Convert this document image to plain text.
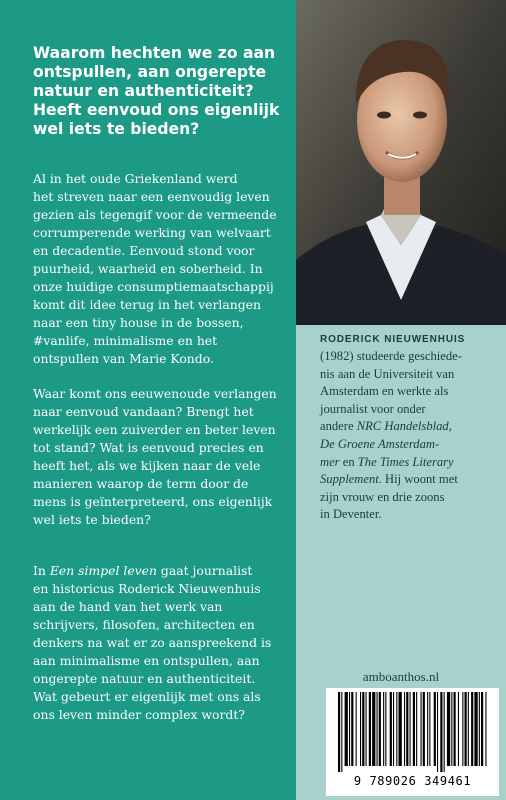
Waarom hechten we zo aan
ontspullen, aan ongerepte
natuur en authenticiteit?
Heeft eenvoud ons eigenlijk
wel iets te bieden?

Al in het oude Griekenland werd
het streven naar een eenvoudig leven
gezien als tegengif voor de vermeende
corrumperende werking van welvaart
en decadentie. Eenvoud stond voor
puurheid, waarheid en soberheid. In
onze huidige consumptiemaatschappij
komt dit idee terug in het verlangen
naar een tiny house in de bossen,
#vanlife, minimalisme en het
ontspullen van Marie Kondo.

Waar komt ons eeuwenoude verlangen
naar eenvoud vandaan? Brengt het
werkelijk een zuiverder en beter leven
tot stand? Wat is eenvoud precies en
heeft het, als we kijken naar de vele
manieren waarop de term door de
mens is geïnterpreteerd, ons eigenlijk
wel iets te bieden?

In Een simpel leven gaat journalist
en historicus Roderick Nieuwenhuis
aan de hand van het werk van
schrijvers, filosofen, architecten en
denkers na wat er zo aanspreekend is
aan minimalisme en ontspullen, aan
ongerepte natuur en authenticiteit.
Wat gebeurt er eigenlijk met ons als
ons leven minder complex wordt?

RODERICK NIEUWENHUIS
(1982) studeerde geschiede-
nis aan de Universiteit van
Amsterdam en werkte als
journalist voor onder
andere NRC Handelsblad,
De Groene Amsterdam-
mer en The Times Literary
Supplement. Hij woont met
zijn vrouw en drie zoons
in Deventer.
amboanthos.nl
9 789026 349461
